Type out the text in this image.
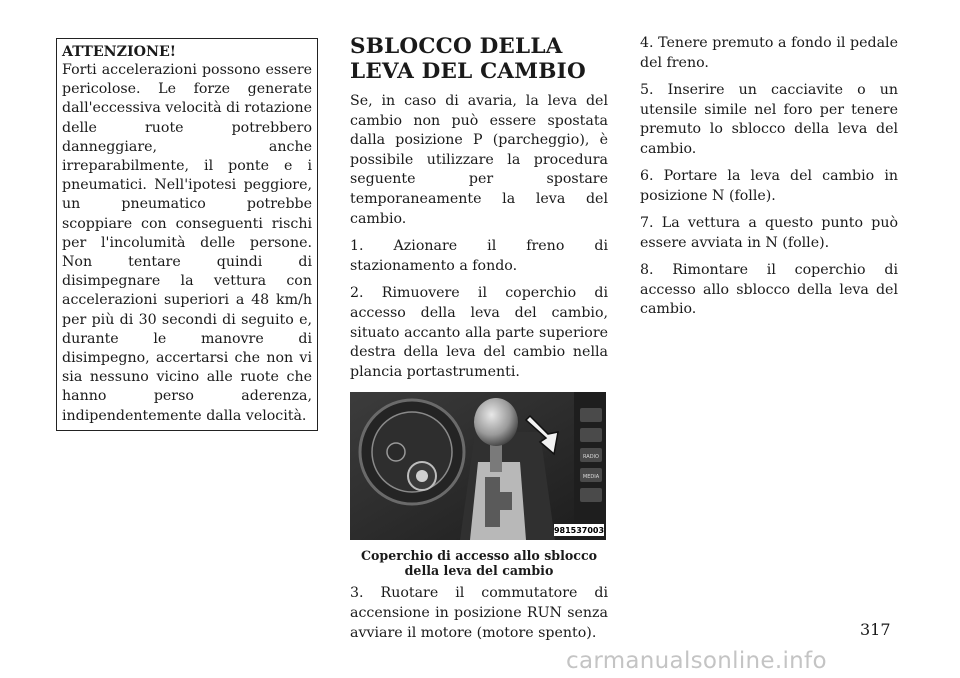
ATTENZIONE!
Forti accelerazioni possono essere pericolose. Le forze generate dall'eccessiva velocità di rotazione delle ruote potrebbero danneggiare, anche irreparabilmente, il ponte e i pneumatici. Nell'ipotesi peggiore, un pneumatico potrebbe scoppiare con conseguenti rischi per l'incolumità delle persone. Non tentare quindi di disimpegnare la vettura con accelerazioni superiori a 48 km/h per più di 30 secondi di seguito e, durante le manovre di disimpegno, accertarsi che non vi sia nessuno vicino alle ruote che hanno perso aderenza, indipendentemente dalla velocità.
SBLOCCO DELLA LEVA DEL CAMBIO

Se, in caso di avaria, la leva del cambio non può essere spostata dalla posizione P (parcheggio), è possibile utilizzare la procedura seguente per spostare temporaneamente la leva del cambio.

1. Azionare il freno di stazionamento a fondo.

2. Rimuovere il coperchio di accesso della leva del cambio, situato accanto alla parte superiore destra della leva del cambio nella plancia portastrumenti.

RADIO
MEDIA
981537003
Coperchio di accesso allo sblocco
della leva del cambio

3. Ruotare il commutatore di accensione in posizione RUN senza avviare il motore (motore spento).

4. Tenere premuto a fondo il pedale del freno.

5. Inserire un cacciavite o un utensile simile nel foro per tenere premuto lo sblocco della leva del cambio.

6. Portare la leva del cambio in posizione N (folle).

7. La vettura a questo punto può essere avviata in N (folle).

8. Rimontare il coperchio di accesso allo sblocco della leva del cambio.

317
carmanualsonline.info
